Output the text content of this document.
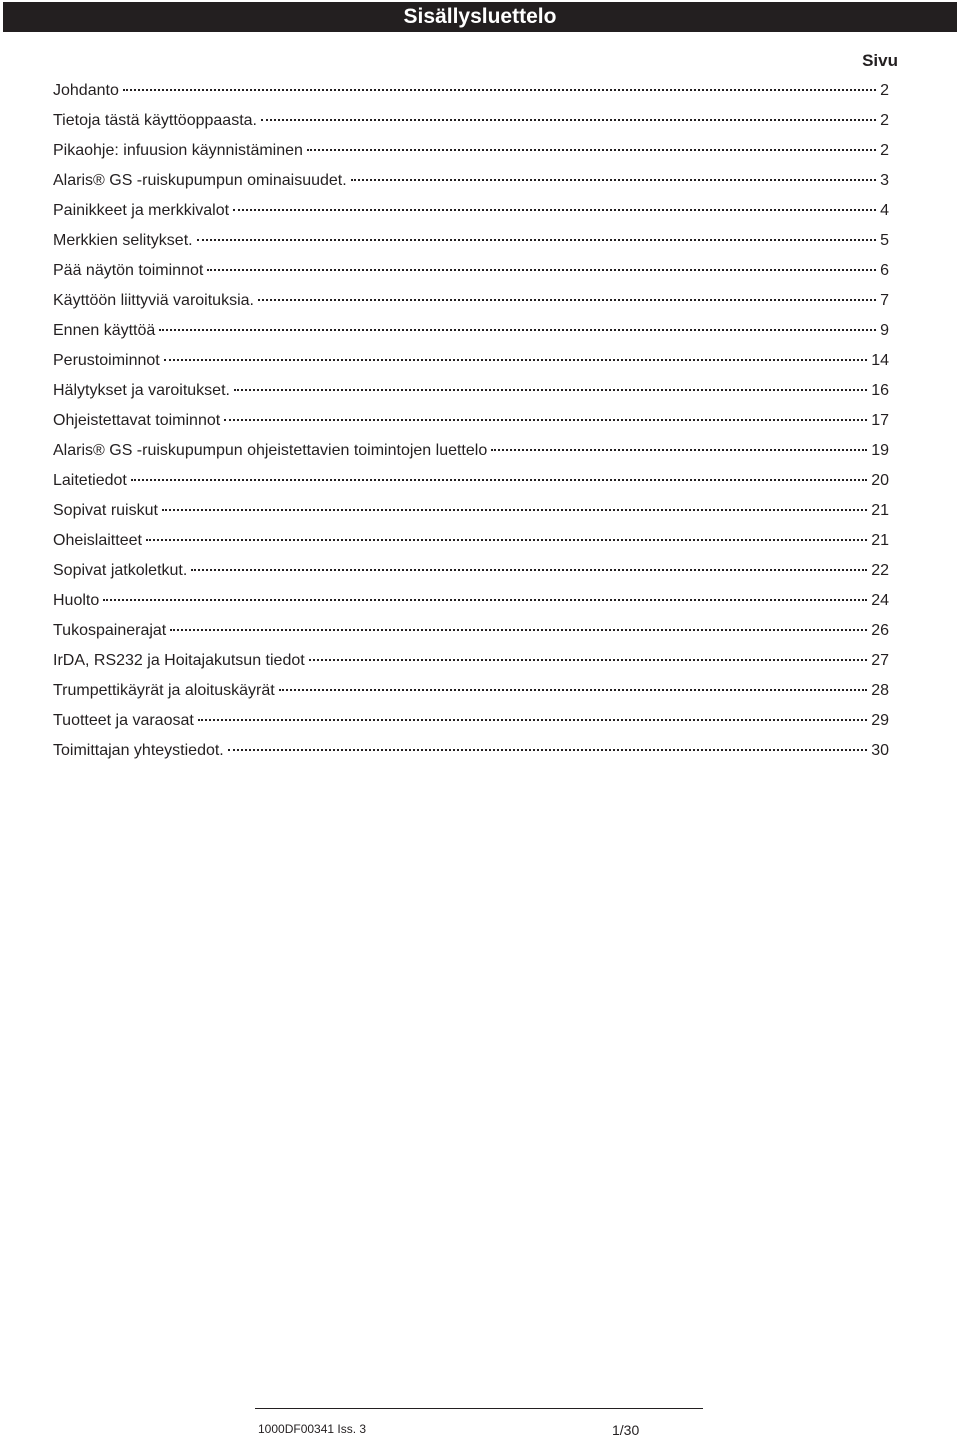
Sisällysluettelo
Sivu
Johdanto	2
Tietoja tästä käyttöoppaasta.	2
Pikaohje: infuusion käynnistäminen	2
Alaris® GS -ruiskupumpun ominaisuudet.	3
Painikkeet ja merkkivalot	4
Merkkien selitykset.	5
Pää näytön toiminnot	6
Käyttöön liittyviä varoituksia.	7
Ennen käyttöä	9
Perustoiminnot	14
Hälytykset ja varoitukset.	16
Ohjeistettavat toiminnot	17
Alaris® GS -ruiskupumpun ohjeistettavien toimintojen luettelo	19
Laitetiedot	20
Sopivat ruiskut	21
Oheislaitteet	21
Sopivat jatkoletkut.	22
Huolto	24
Tukospainerajat	26
IrDA, RS232 ja Hoitajakutsun tiedot	27
Trumpettikäyrät ja aloituskäyrät	28
Tuotteet ja varaosat	29
Toimittajan yhteystiedot.	30
1000DF00341 Iss. 3	1/30
